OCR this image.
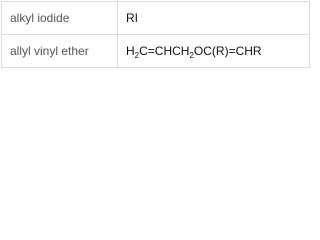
alkyl iodide	RI
allyl vinyl ether	$H_2C=CHCH_2OC(R)=CHR$
